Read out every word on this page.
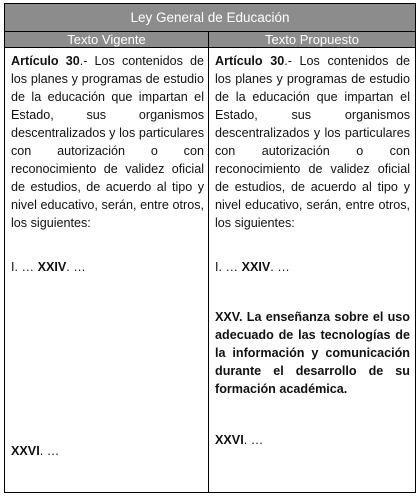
Ley General de Educación
Texto Vigente	Texto Propuesto
Artículo 30.- Los contenidos de los planes y programas de estudio de la educación que impartan el Estado, sus organismos descentralizados y los particulares con autorización o con reconocimiento de validez oficial de estudios, de acuerdo al tipo y nivel educativo, serán, entre otros, los siguientes:
I. … XXIV. …
XXVI. …
Artículo 30.- Los contenidos de los planes y programas de estudio de la educación que impartan el Estado, sus organismos descentralizados y los particulares con autorización o con reconocimiento de validez oficial de estudios, de acuerdo al tipo y nivel educativo, serán, entre otros, los siguientes:
I. … XXIV. …
XXV. La enseñanza sobre el uso adecuado de las tecnologías de la información y comunicación durante el desarrollo de su formación académica.
XXVI. …
